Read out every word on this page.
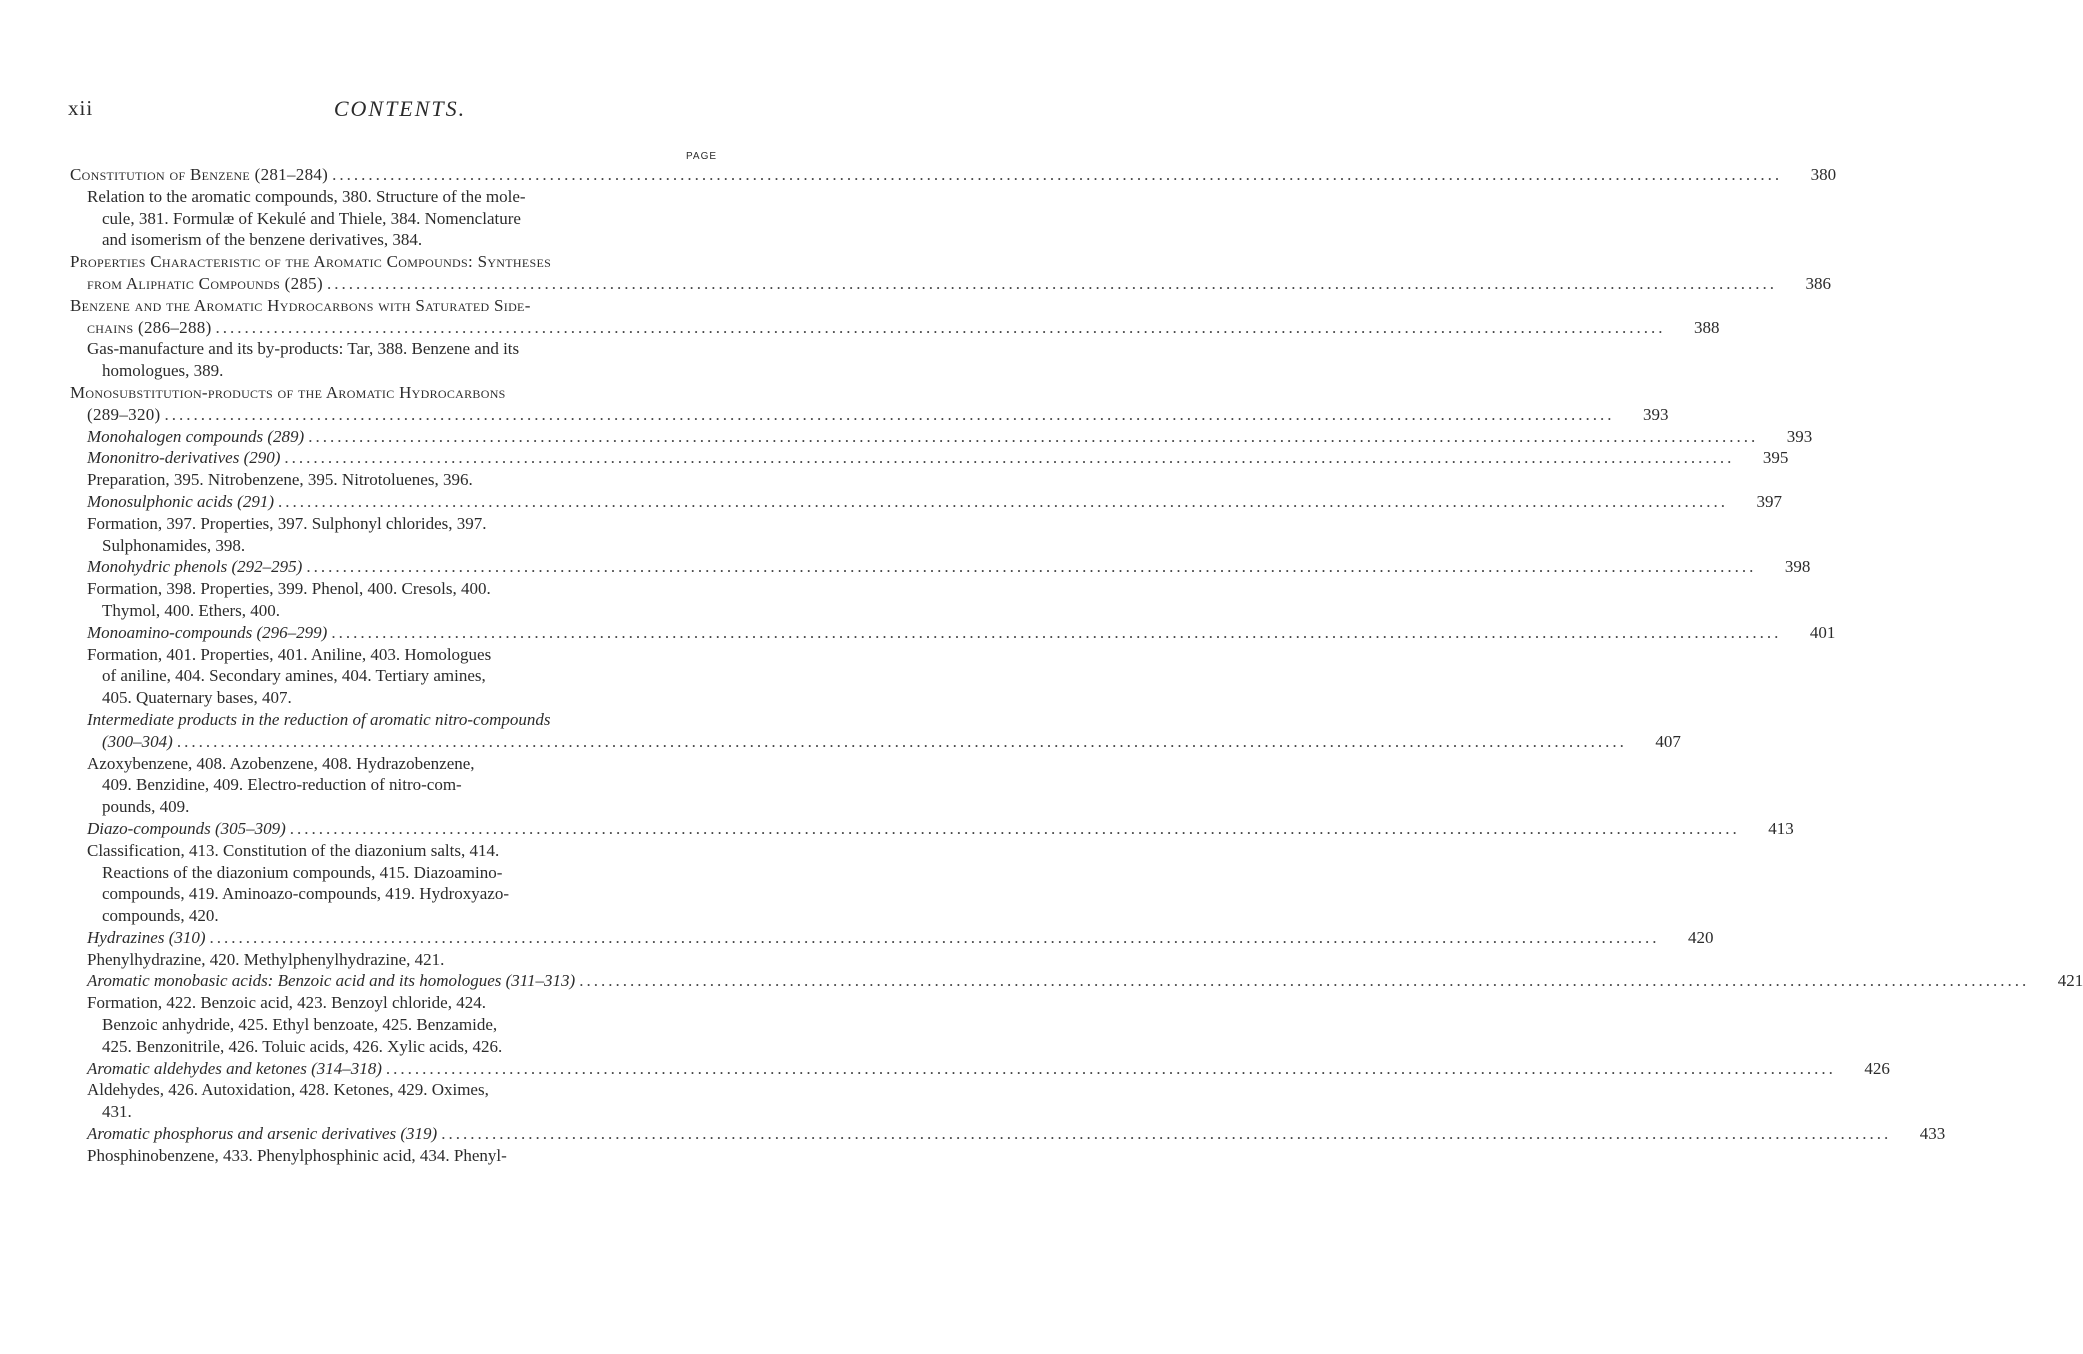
xii	CONTENTS.
PAGE
Constitution of Benzene (281–284) ........................................................................................................................................................................................................	380
Relation to the aromatic compounds, 380. Structure of the mole-
cule, 381. Formulæ of Kekulé and Thiele, 384. Nomenclature
and isomerism of the benzene derivatives, 384.
Properties Characteristic of the Aromatic Compounds: Syntheses
from Aliphatic Compounds (285) ........................................................................................................................................................................................................	386
Benzene and the Aromatic Hydrocarbons with Saturated Side-
chains (286–288) ........................................................................................................................................................................................................	388
Gas-manufacture and its by-products: Tar, 388. Benzene and its
homologues, 389.
Monosubstitution-products of the Aromatic Hydrocarbons
(289–320) ........................................................................................................................................................................................................	393
Monohalogen compounds (289) ........................................................................................................................................................................................................	393
Mononitro-derivatives (290) ........................................................................................................................................................................................................	395
Preparation, 395. Nitrobenzene, 395. Nitrotoluenes, 396.
Monosulphonic acids (291) ........................................................................................................................................................................................................	397
Formation, 397. Properties, 397. Sulphonyl chlorides, 397.
Sulphonamides, 398.
Monohydric phenols (292–295) ........................................................................................................................................................................................................	398
Formation, 398. Properties, 399. Phenol, 400. Cresols, 400.
Thymol, 400. Ethers, 400.
Monoamino-compounds (296–299) ........................................................................................................................................................................................................	401
Formation, 401. Properties, 401. Aniline, 403. Homologues
of aniline, 404. Secondary amines, 404. Tertiary amines,
405. Quaternary bases, 407.
Intermediate products in the reduction of aromatic nitro-compounds
(300–304) ........................................................................................................................................................................................................	407
Azoxybenzene, 408. Azobenzene, 408. Hydrazobenzene,
409. Benzidine, 409. Electro-reduction of nitro-com-
pounds, 409.
Diazo-compounds (305–309) ........................................................................................................................................................................................................	413
Classification, 413. Constitution of the diazonium salts, 414.
Reactions of the diazonium compounds, 415. Diazoamino-
compounds, 419. Aminoazo-compounds, 419. Hydroxyazo-
compounds, 420.
Hydrazines (310) ........................................................................................................................................................................................................	420
Phenylhydrazine, 420. Methylphenylhydrazine, 421.
Aromatic monobasic acids: Benzoic acid and its homologues (311–313) ........................................................................................................................................................................................................	421
Formation, 422. Benzoic acid, 423. Benzoyl chloride, 424.
Benzoic anhydride, 425. Ethyl benzoate, 425. Benzamide,
425. Benzonitrile, 426. Toluic acids, 426. Xylic acids, 426.
Aromatic aldehydes and ketones (314–318) ........................................................................................................................................................................................................	426
Aldehydes, 426. Autoxidation, 428. Ketones, 429. Oximes,
431.
Aromatic phosphorus and arsenic derivatives (319) ........................................................................................................................................................................................................	433
Phosphinobenzene, 433. Phenylphosphinic acid, 434. Phenyl-
